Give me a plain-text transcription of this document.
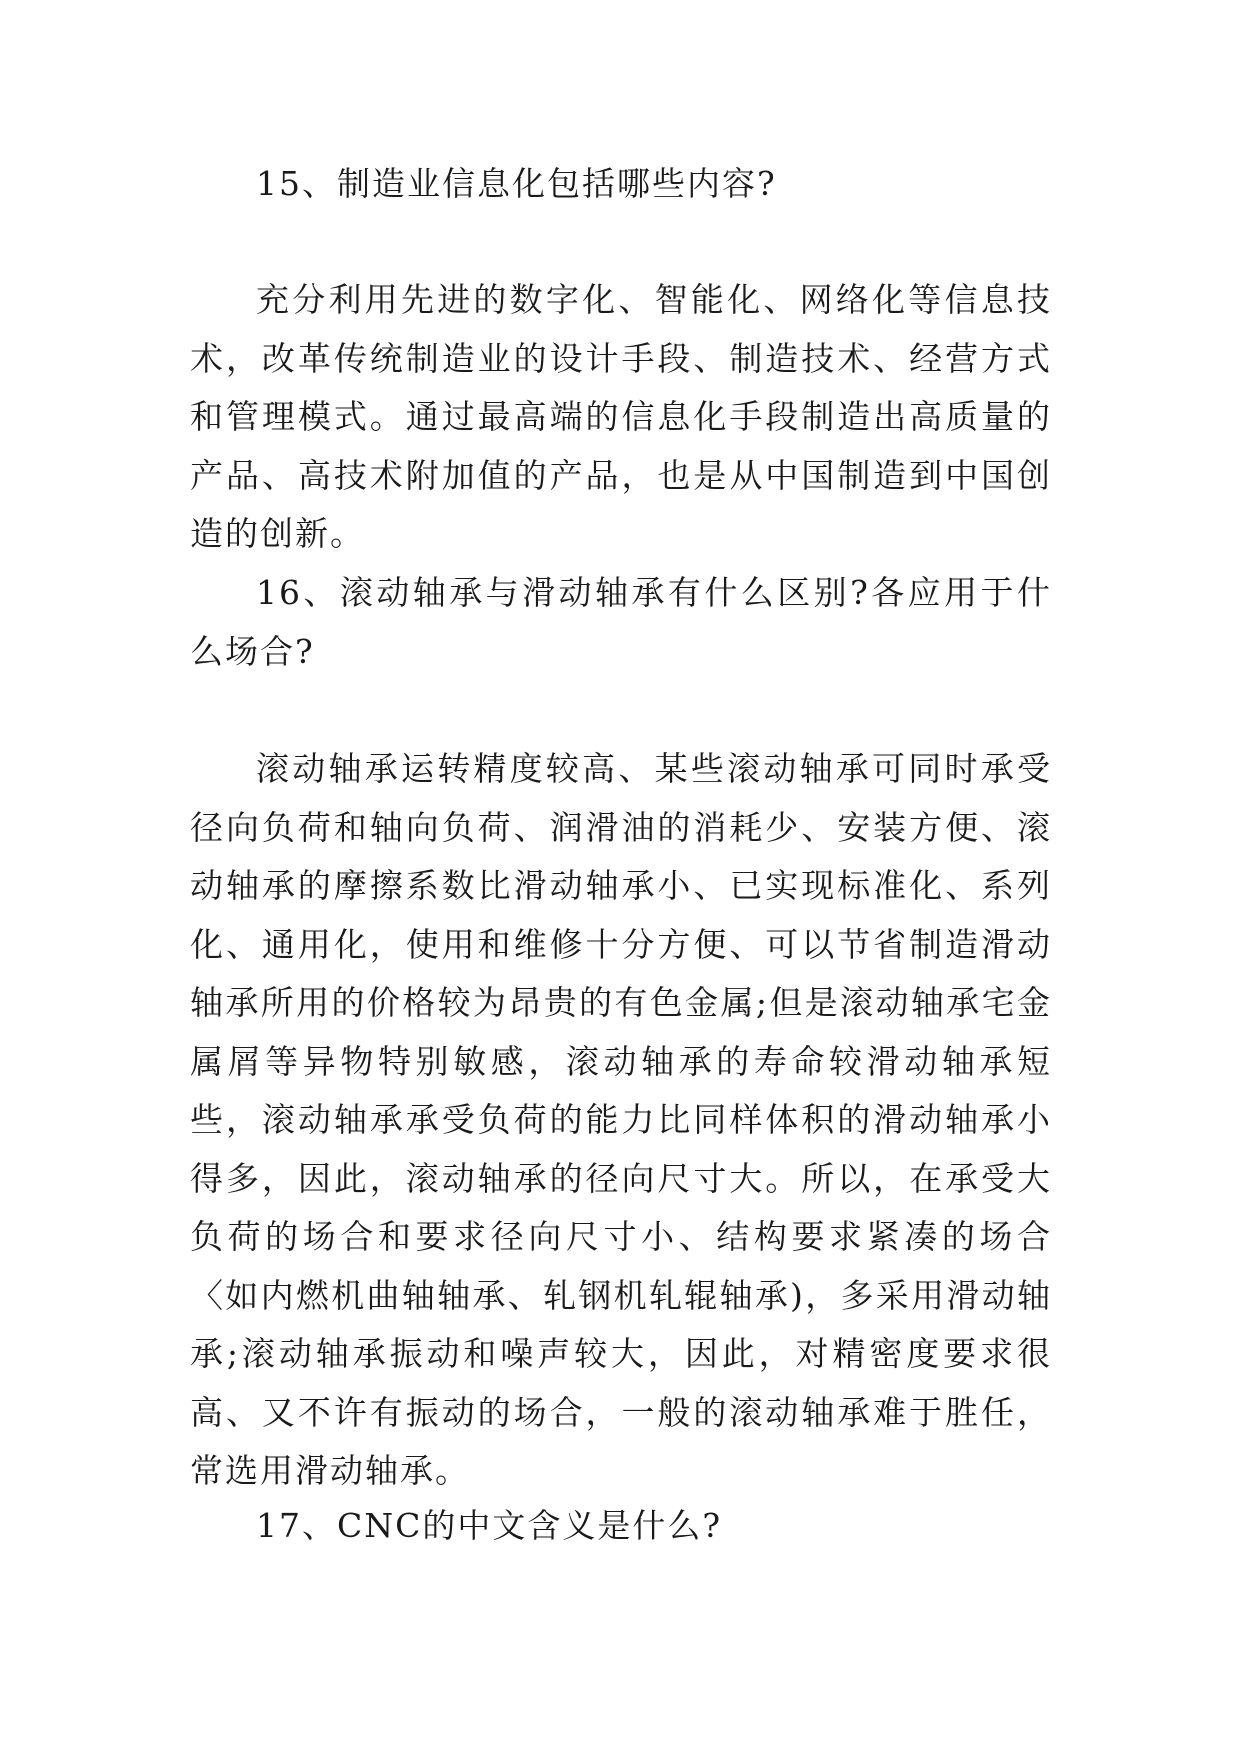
15、制造业信息化包括哪些内容?

充分利用先进的数字化、智能化、网络化等信息技术，改革传统制造业的设计手段、制造技术、经营方式和管理模式。通过最高端的信息化手段制造出高质量的产品、高技术附加值的产品，也是从中国制造到中国创造的创新。

16、滚动轴承与滑动轴承有什么区别?各应用于什么场合?

滚动轴承运转精度较高、某些滚动轴承可同时承受径向负荷和轴向负荷、润滑油的消耗少、安装方便、滚动轴承的摩擦系数比滑动轴承小、已实现标准化、系列化、通用化，使用和维修十分方便、可以节省制造滑动轴承所用的价格较为昂贵的有色金属;但是滚动轴承宅金属屑等异物特别敏感，滚动轴承的寿命较滑动轴承短些，滚动轴承承受负荷的能力比同样体积的滑动轴承小得多，因此，滚动轴承的径向尺寸大。所以，在承受大负荷的场合和要求径向尺寸小、结构要求紧凑的场合〈如内燃机曲轴轴承、轧钢机轧辊轴承)，多采用滑动轴承;滚动轴承振动和噪声较大，因此，对精密度要求很高、又不许有振动的场合，一般的滚动轴承难于胜任，常选用滑动轴承。

17、CNC的中文含义是什么?
